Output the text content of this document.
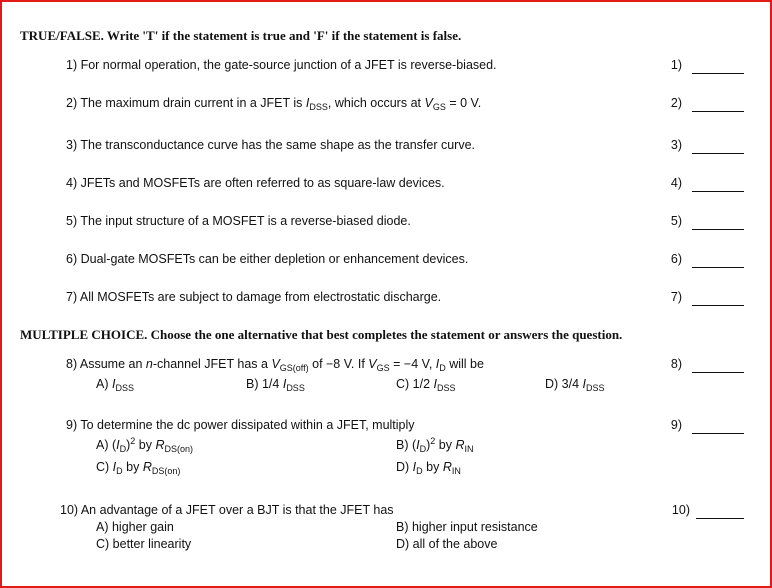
TRUE/FALSE. Write 'T' if the statement is true and 'F' if the statement is false.
1) For normal operation, the gate-source junction of a JFET is reverse-biased.	1)
2) The maximum drain current in a JFET is $I_{DSS}$, which occurs at $V_{GS} = 0$ V.	2)
3) The transconductance curve has the same shape as the transfer curve.	3)
4) JFETs and MOSFETs are often referred to as square-law devices.	4)
5) The input structure of a MOSFET is a reverse-biased diode.	5)
6) Dual-gate MOSFETs can be either depletion or enhancement devices.	6)
7) All MOSFETs are subject to damage from electrostatic discharge.	7)
MULTIPLE CHOICE. Choose the one alternative that best completes the statement or answers the question.
8) Assume an n-channel JFET has a $V_{GS(off)}$ of −8 V. If $V_{GS} = -4$ V, $I_D$ will be	8)
A) $I_{DSS}$	B) 1/4 $I_{DSS}$	C) 1/2 $I_{DSS}$	D) 3/4 $I_{DSS}$
9) To determine the dc power dissipated within a JFET, multiply	9)
A) $(I_D)^2$ by $R_{DS(on)}$	B) $(I_D)^2$ by $R_{IN}$
C) $I_D$ by $R_{DS(on)}$	D) $I_D$ by $R_{IN}$
10) An advantage of a JFET over a BJT is that the JFET has	10)
A) higher gain	B) higher input resistance
C) better linearity	D) all of the above
